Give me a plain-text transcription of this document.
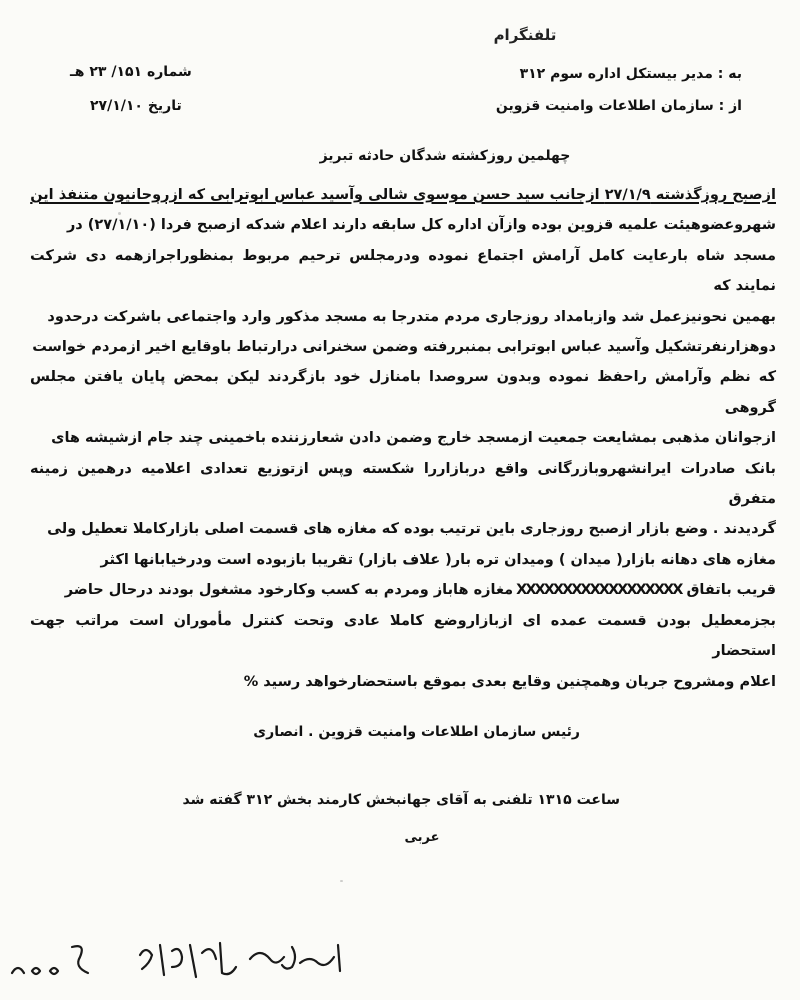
تلفنگرام
به : مدیر بیستکل اداره سوم ۳۱۲
از : سازمان اطلاعات وامنیت قزوین
شماره ۱۵۱/ ۲۳ هـ
تاریخ ۲۷/۱/۱۰
چهلمین روزکشته شدگان حادثه تبریز

ازصبح روزگذشته ۲۷/۱/۹ ازجانب سید حسن موسوی شالی وآسید عباس ابوترابی که ازروحانیون متنفذ این

شهروعضوهیئت علمیه قزوین بوده وازآن اداره کل سابقه دارند اعلام شدکه ازصبح فردا (۲۷/۱/۱۰) در

مسجد شاه بارعایت کامل آرامش اجتماع نموده ودرمجلس ترحیم مربوط بمنظوراجرازهمه دی شرکت نمایند که

بهمین نحونیزعمل شد وازبامداد روزجاری مردم متدرجا به مسجد مذکور وارد واجتماعی باشرکت درحدود

دوهزارنفرتشکیل وآسید عباس ابوترابی بمنبررفته وضمن سخنرانی درارتباط باوقایع اخیر ازمردم خواست

که نظم وآرامش راحفظ نموده وبدون سروصدا بامنازل خود بازگردند لیکن بمحض پایان یافتن مجلس گروهی

ازجوانان مذهبی بمشایعت جمعیت ازمسجد خارج وضمن دادن شعارزننده باخمینی چند جام ازشیشه های

بانک صادرات ایرانشهروبازرگانی واقع دربازاررا شکسته وپس ازتوزیع تعدادی اعلامیه درهمین زمینه متفرق

گردیدند . وضع بازار ازصبح روزجاری باین ترتیب بوده که مغازه های قسمت اصلی بازارکاملا تعطیل ولی

مغازه های دهانه بازار( میدان ) ومیدان تره بار( علاف بازار) تقریبا بازبوده است ودرخیابانها اکثر

قریب باتفاق XXXXXXXXXXXXXXXXXX مغازه هاباز ومردم به کسب وکارخود مشغول بودند درحال حاضر

بجزمعطیل بودن قسمت عمده ای ازبازاروضع کاملا عادی وتحت کنترل مأموران است مراتب جهت استحضار

اعلام ومشروح جریان وهمچنین وقایع بعدی بموقع باستحضارخواهد رسید %

رئیس سازمان اطلاعات وامنیت قزوین . انصاری
ساعت ۱۳۱۵ تلفنی به آقای جهانبخش کارمند بخش ۳۱۲ گفته شد
عربی
